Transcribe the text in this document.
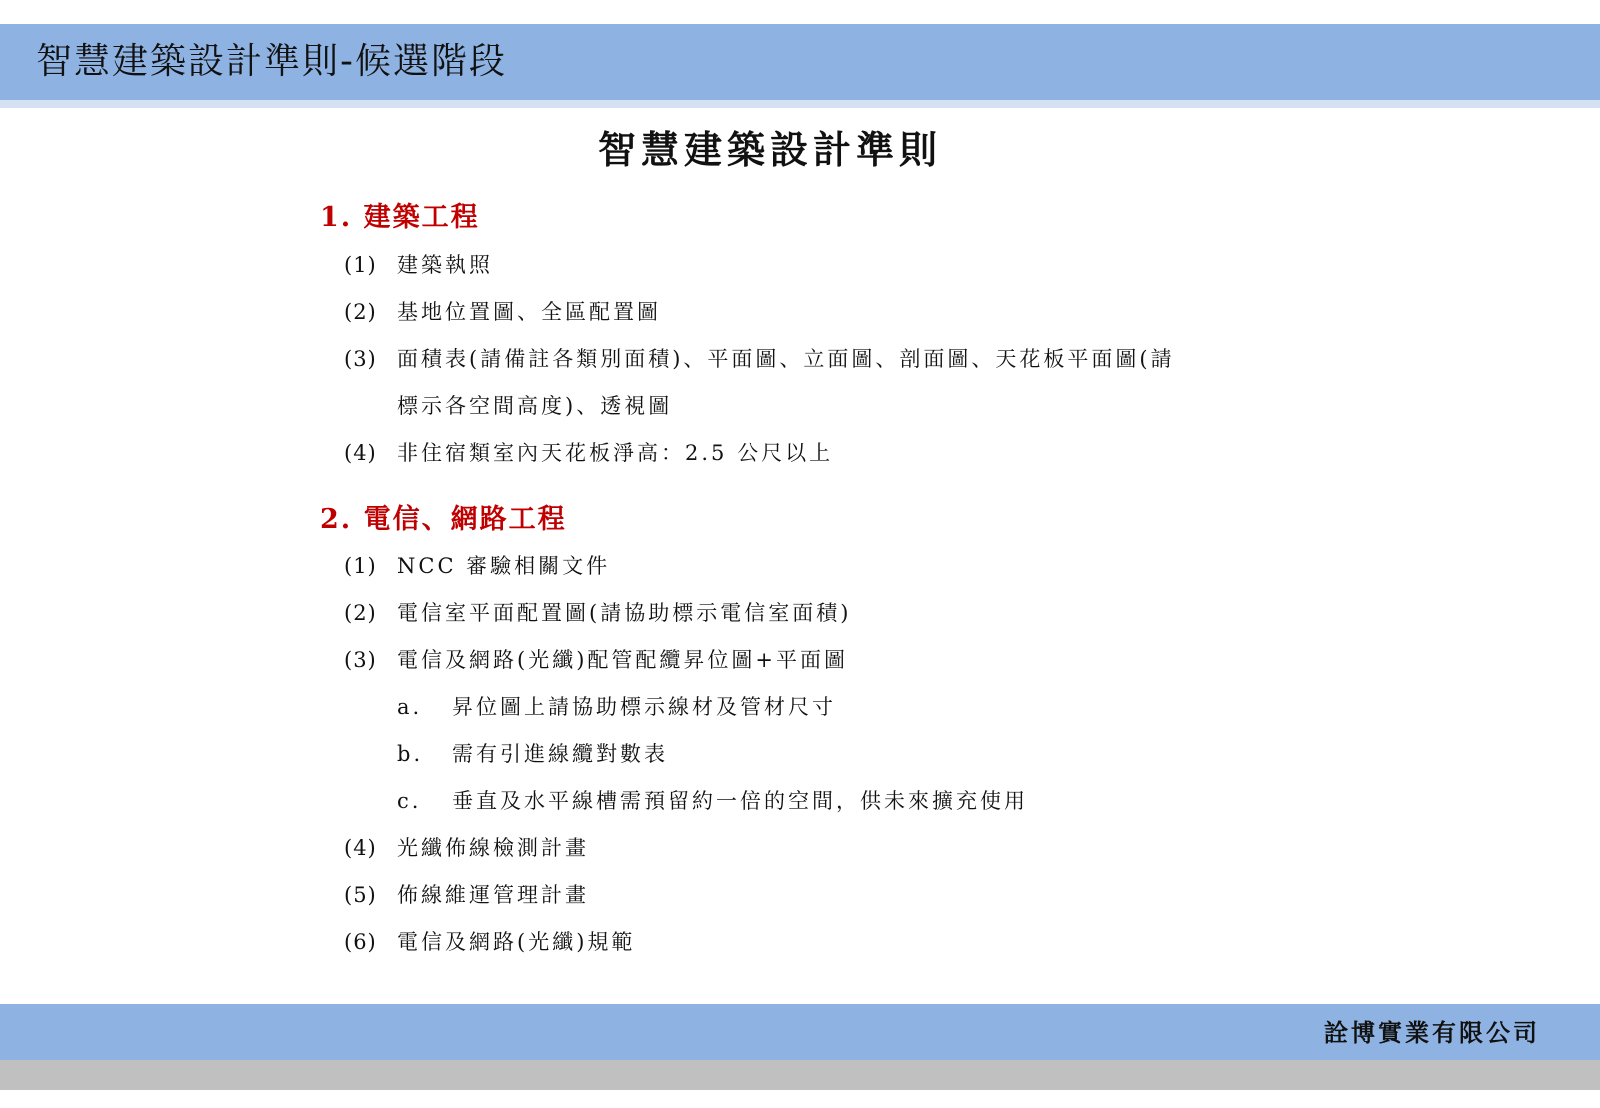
智慧建築設計準則-候選階段
智慧建築設計準則
1. 建築工程
(1) 建築執照
(2) 基地位置圖、全區配置圖
(3) 面積表(請備註各類別面積)、平面圖、立面圖、剖面圖、天花板平面圖(請
標示各空間高度)、透視圖
(4) 非住宿類室內天花板淨高：2.5 公尺以上
2. 電信、網路工程
(1) NCC 審驗相關文件
(2) 電信室平面配置圖(請協助標示電信室面積)
(3) 電信及網路(光纖)配管配纜昇位圖+平面圖
a. 昇位圖上請協助標示線材及管材尺寸
b. 需有引進線纜對數表
c. 垂直及水平線槽需預留約一倍的空間，供未來擴充使用
(4) 光纖佈線檢測計畫
(5) 佈線維運管理計畫
(6) 電信及網路(光纖)規範
詮博實業有限公司
